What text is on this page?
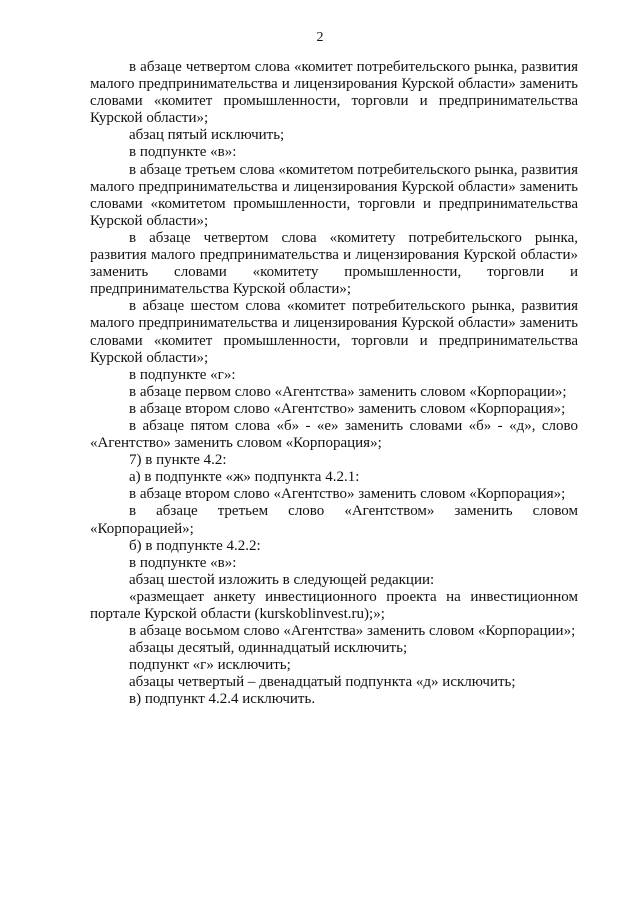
2

в абзаце четвертом слова «комитет потребительского рынка, развития малого предпринимательства и лицензирования Курской области» заменить словами «комитет промышленности, торговли и предпринимательства Курской области»;

абзац пятый исключить;

в подпункте «в»:

в абзаце третьем слова «комитетом потребительского рынка, развития малого предпринимательства и лицензирования Курской области» заменить словами «комитетом промышленности, торговли и предпринимательства Курской области»;

в абзаце четвертом слова «комитету потребительского рынка, развития малого предпринимательства и лицензирования Курской области» заменить словами «комитету промышленности, торговли и предпринимательства Курской области»;

в абзаце шестом слова «комитет потребительского рынка, развития малого предпринимательства и лицензирования Курской области» заменить словами «комитет промышленности, торговли и предпринимательства Курской области»;

в подпункте «г»:

в абзаце первом слово «Агентства» заменить словом «Корпорации»;

в абзаце втором слово «Агентство» заменить словом «Корпорация»;

в абзаце пятом слова «б» - «е» заменить словами «б» - «д», слово «Агентство» заменить словом «Корпорация»;

7) в пункте 4.2:

а) в подпункте «ж» подпункта 4.2.1:

в абзаце втором слово «Агентство» заменить словом «Корпорация»;

в абзаце третьем слово «Агентством» заменить словом «Корпорацией»;

б) в подпункте 4.2.2:

в подпункте «в»:

абзац шестой изложить в следующей редакции:

«размещает анкету инвестиционного проекта на инвестиционном портале Курской области (kurskoblinvest.ru);»;

в абзаце восьмом слово «Агентства» заменить словом «Корпорации»;

абзацы десятый, одиннадцатый исключить;

подпункт «г» исключить;

абзацы четвертый – двенадцатый подпункта «д» исключить;

в) подпункт 4.2.4 исключить.
